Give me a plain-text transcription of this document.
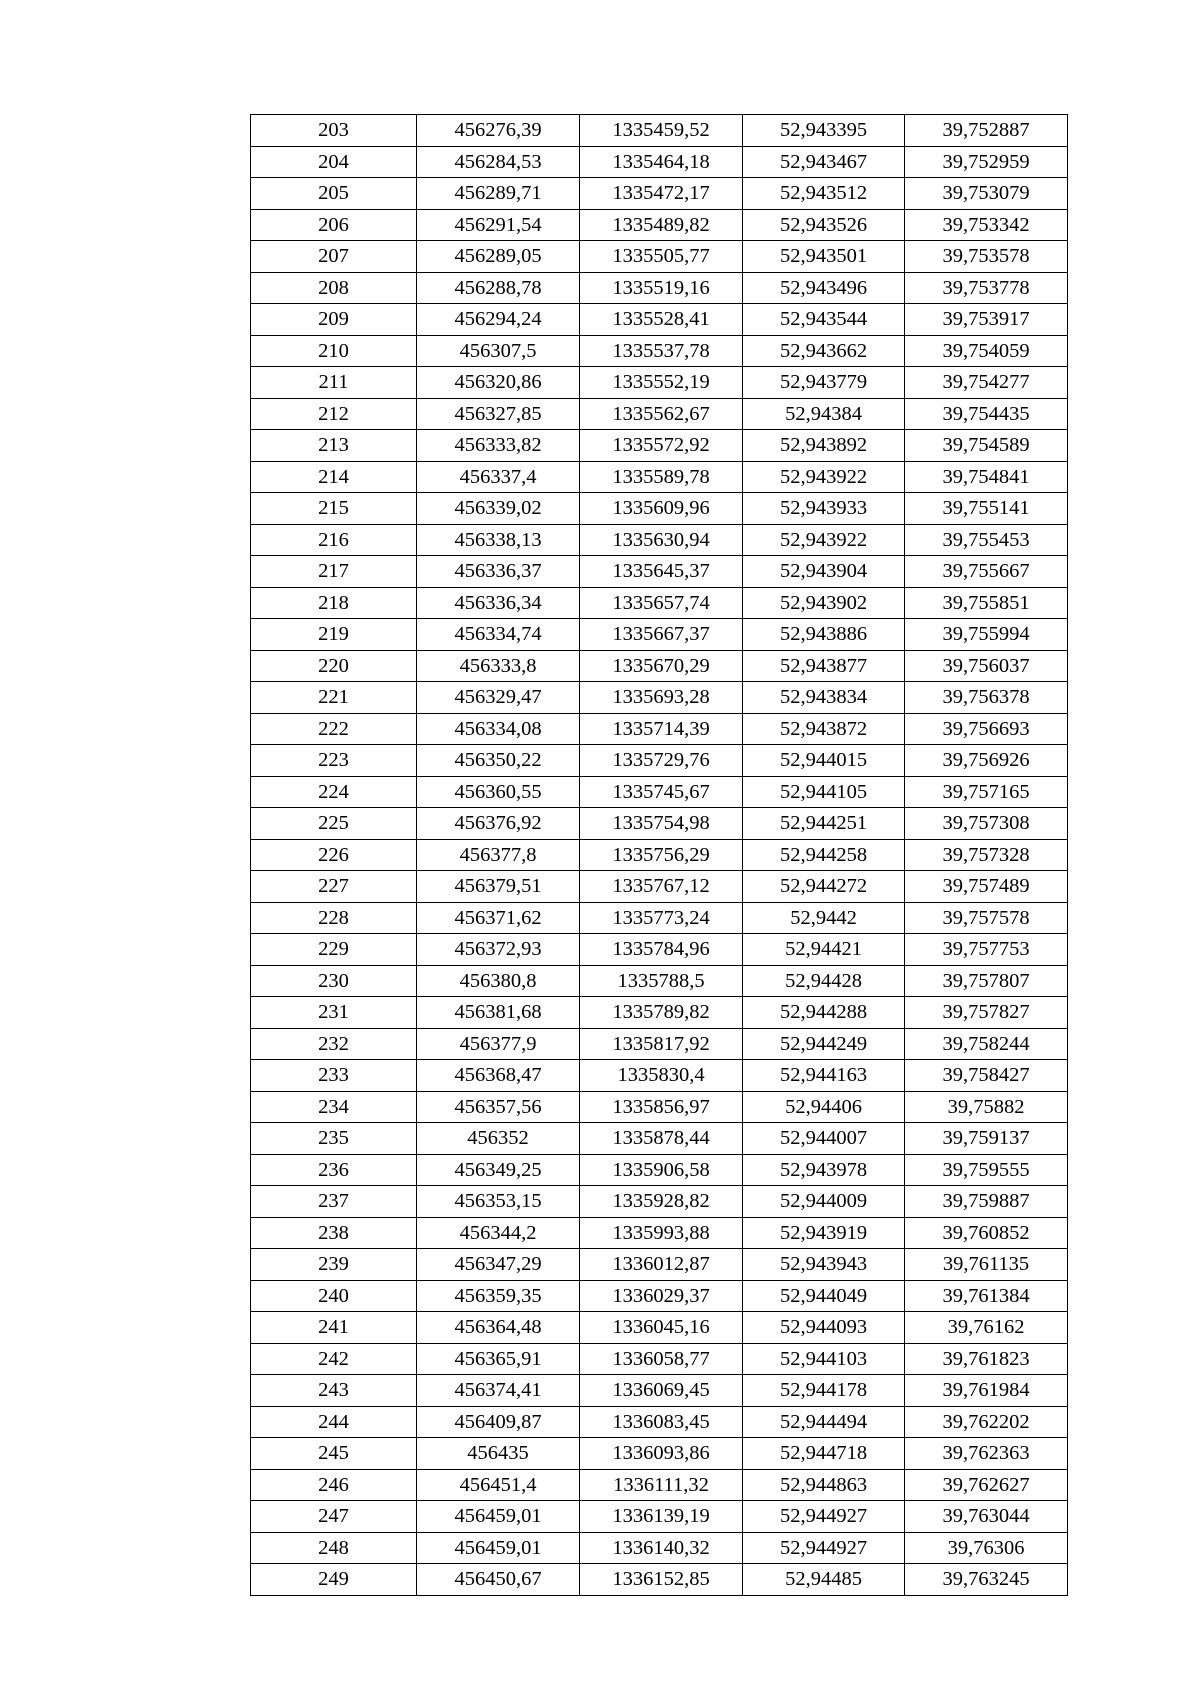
203	456276,39	1335459,52	52,943395	39,752887
204	456284,53	1335464,18	52,943467	39,752959
205	456289,71	1335472,17	52,943512	39,753079
206	456291,54	1335489,82	52,943526	39,753342
207	456289,05	1335505,77	52,943501	39,753578
208	456288,78	1335519,16	52,943496	39,753778
209	456294,24	1335528,41	52,943544	39,753917
210	456307,5	1335537,78	52,943662	39,754059
211	456320,86	1335552,19	52,943779	39,754277
212	456327,85	1335562,67	52,94384	39,754435
213	456333,82	1335572,92	52,943892	39,754589
214	456337,4	1335589,78	52,943922	39,754841
215	456339,02	1335609,96	52,943933	39,755141
216	456338,13	1335630,94	52,943922	39,755453
217	456336,37	1335645,37	52,943904	39,755667
218	456336,34	1335657,74	52,943902	39,755851
219	456334,74	1335667,37	52,943886	39,755994
220	456333,8	1335670,29	52,943877	39,756037
221	456329,47	1335693,28	52,943834	39,756378
222	456334,08	1335714,39	52,943872	39,756693
223	456350,22	1335729,76	52,944015	39,756926
224	456360,55	1335745,67	52,944105	39,757165
225	456376,92	1335754,98	52,944251	39,757308
226	456377,8	1335756,29	52,944258	39,757328
227	456379,51	1335767,12	52,944272	39,757489
228	456371,62	1335773,24	52,9442	39,757578
229	456372,93	1335784,96	52,94421	39,757753
230	456380,8	1335788,5	52,94428	39,757807
231	456381,68	1335789,82	52,944288	39,757827
232	456377,9	1335817,92	52,944249	39,758244
233	456368,47	1335830,4	52,944163	39,758427
234	456357,56	1335856,97	52,94406	39,75882
235	456352	1335878,44	52,944007	39,759137
236	456349,25	1335906,58	52,943978	39,759555
237	456353,15	1335928,82	52,944009	39,759887
238	456344,2	1335993,88	52,943919	39,760852
239	456347,29	1336012,87	52,943943	39,761135
240	456359,35	1336029,37	52,944049	39,761384
241	456364,48	1336045,16	52,944093	39,76162
242	456365,91	1336058,77	52,944103	39,761823
243	456374,41	1336069,45	52,944178	39,761984
244	456409,87	1336083,45	52,944494	39,762202
245	456435	1336093,86	52,944718	39,762363
246	456451,4	1336111,32	52,944863	39,762627
247	456459,01	1336139,19	52,944927	39,763044
248	456459,01	1336140,32	52,944927	39,76306
249	456450,67	1336152,85	52,94485	39,763245
